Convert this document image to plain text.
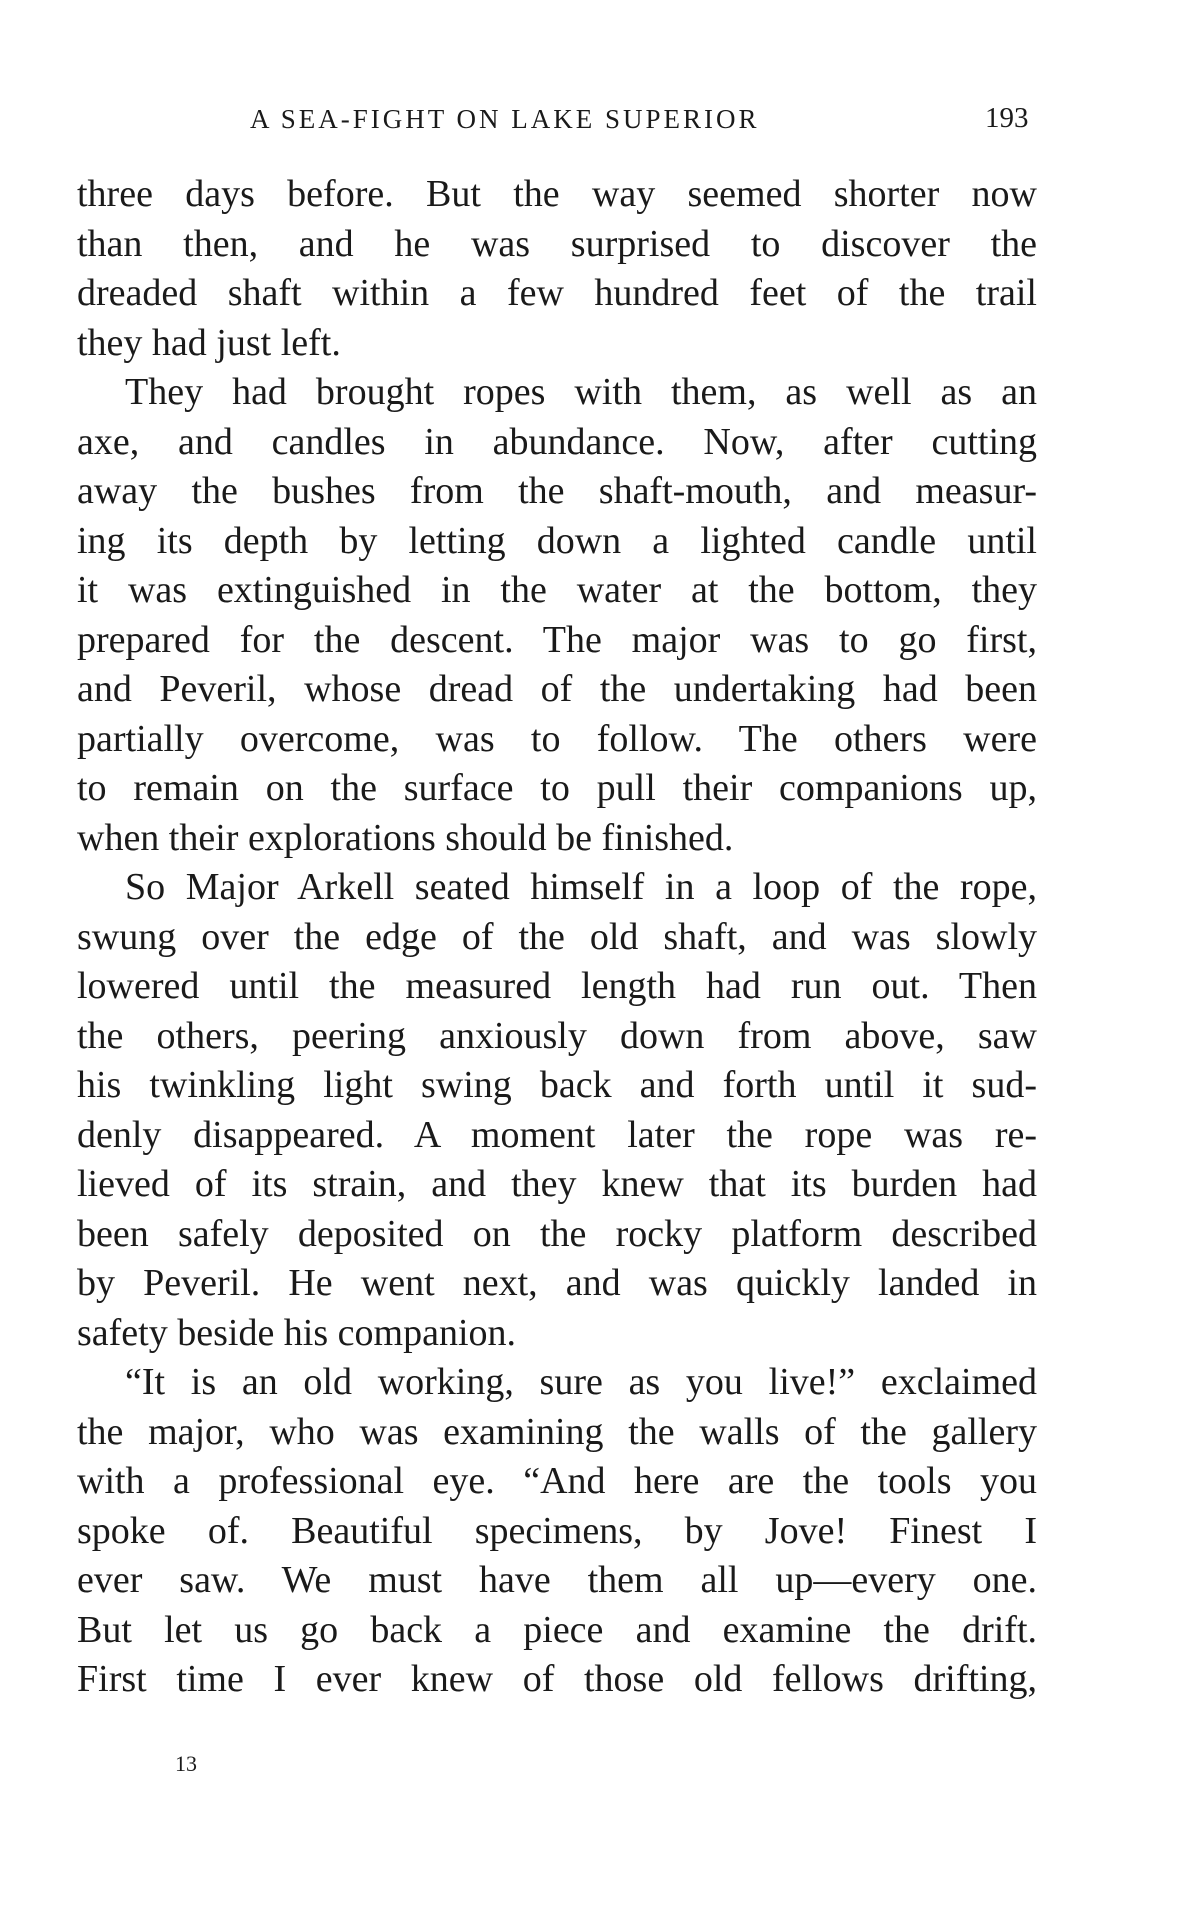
A SEA-FIGHT ON LAKE SUPERIOR	193
three days before. But the way seemed shorter now
than then, and he was surprised to discover the
dreaded shaft within a few hundred feet of the trail
they had just left.
They had brought ropes with them, as well as an
axe, and candles in abundance. Now, after cutting
away the bushes from the shaft-mouth, and measur-
ing its depth by letting down a lighted candle until
it was extinguished in the water at the bottom, they
prepared for the descent. The major was to go first,
and Peveril, whose dread of the undertaking had been
partially overcome, was to follow. The others were
to remain on the surface to pull their companions up,
when their explorations should be finished.
So Major Arkell seated himself in a loop of the rope,
swung over the edge of the old shaft, and was slowly
lowered until the measured length had run out. Then
the others, peering anxiously down from above, saw
his twinkling light swing back and forth until it sud-
denly disappeared. A moment later the rope was re-
lieved of its strain, and they knew that its burden had
been safely deposited on the rocky platform described
by Peveril. He went next, and was quickly landed in
safety beside his companion.
“It is an old working, sure as you live!” exclaimed
the major, who was examining the walls of the gallery
with a professional eye. “And here are the tools you
spoke of. Beautiful specimens, by Jove! Finest I
ever saw. We must have them all up—every one.
But let us go back a piece and examine the drift.
First time I ever knew of those old fellows drifting,
13
